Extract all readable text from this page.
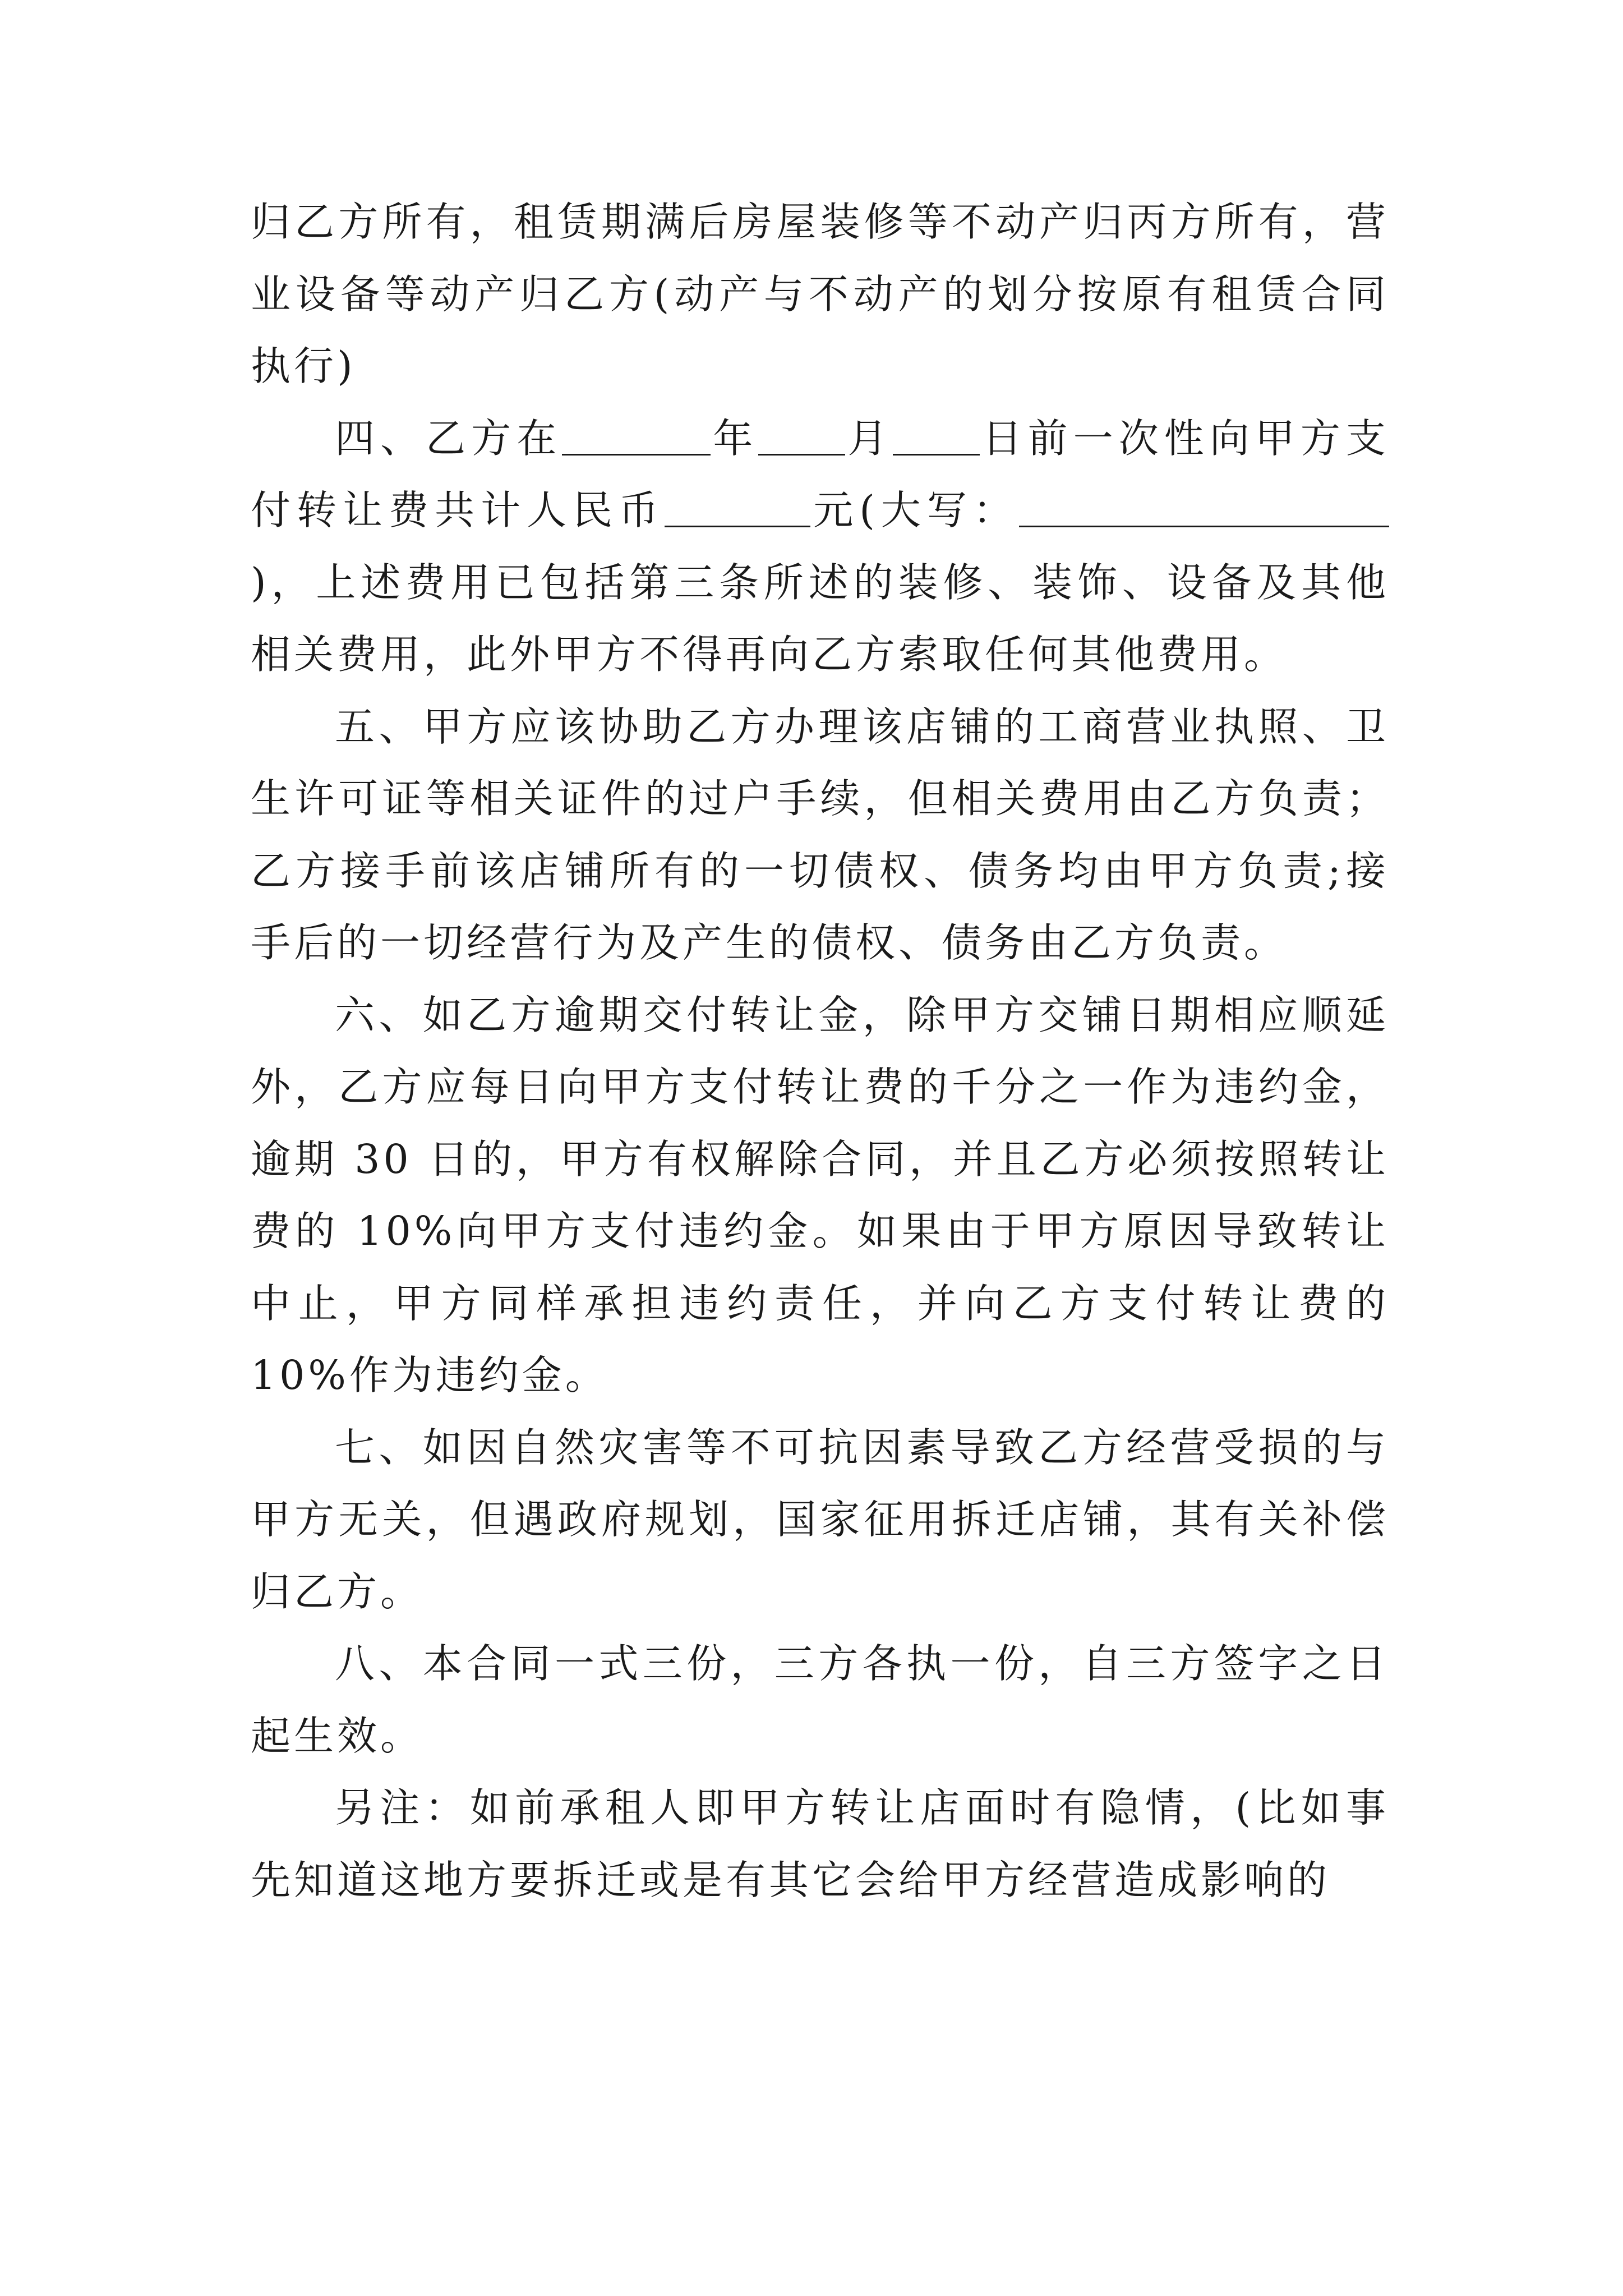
归乙方所有，租赁期满后房屋装修等不动产归丙方所有，营业设备等动产归乙方(动产与不动产的划分按原有租赁合同执行)

四、乙方在	年 月 日前一次性向甲方支付转让费共计人民币	元(大写：)，上述费用已包括第三条所述的装修、装饰、设备及其他相关费用，此外甲方不得再向乙方索取任何其他费用。

五、甲方应该协助乙方办理该店铺的工商营业执照、卫生许可证等相关证件的过户手续，但相关费用由乙方负责；乙方接手前该店铺所有的一切债权、债务均由甲方负责;接手后的一切经营行为及产生的债权、债务由乙方负责。

六、如乙方逾期交付转让金，除甲方交铺日期相应顺延外，乙方应每日向甲方支付转让费的千分之一作为违约金，逾期 30 日的，甲方有权解除合同，并且乙方必须按照转让费的 10%向甲方支付违约金。如果由于甲方原因导致转让中止，甲方同样承担违约责任，并向乙方支付转让费的 10%作为违约金。

七、如因自然灾害等不可抗因素导致乙方经营受损的与甲方无关，但遇政府规划，国家征用拆迁店铺，其有关补偿归乙方。

八、本合同一式三份，三方各执一份，自三方签字之日起生效。

另注：如前承租人即甲方转让店面时有隐情，(比如事先知道这地方要拆迁或是有其它会给甲方经营造成影响的
